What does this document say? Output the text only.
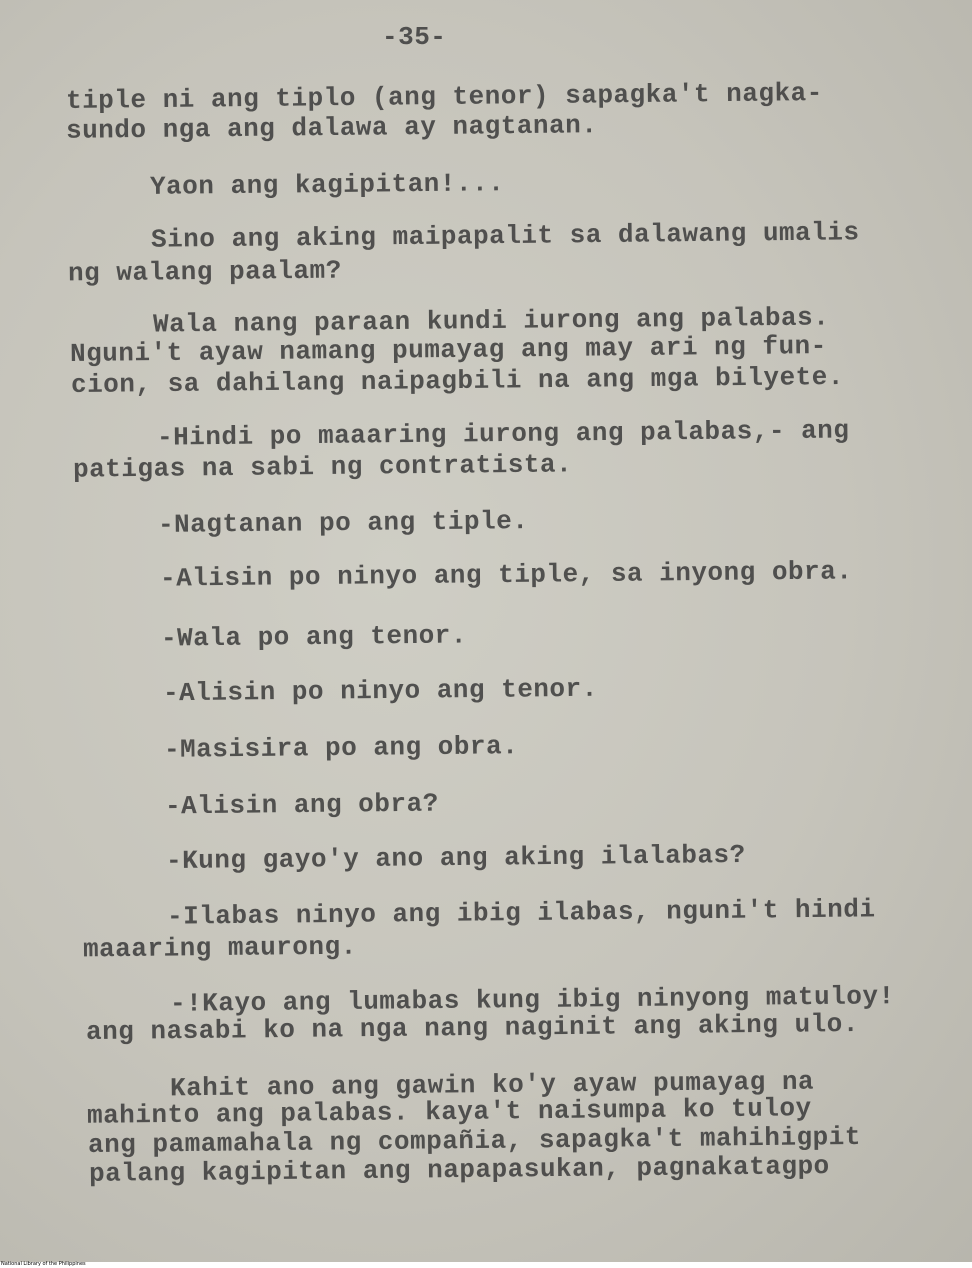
-35-
tiple ni ang tiplo (ang tenor) sapagka't nagka-
sundo nga ang dalawa ay nagtanan.
Yaon ang kagipitan!...
Sino ang aking maipapalit sa dalawang umalis
ng walang paalam?
Wala nang paraan kundi iurong ang palabas.
Nguni't ayaw namang pumayag ang may ari ng fun-
cion, sa dahilang naipagbili na ang mga bilyete.
-Hindi po maaaring iurong ang palabas,- ang
patigas na sabi ng contratista.
-Nagtanan po ang tiple.
-Alisin po ninyo ang tiple, sa inyong obra.
-Wala po ang tenor.
-Alisin po ninyo ang tenor.
-Masisira po ang obra.
-Alisin ang obra?
-Kung gayo'y ano ang aking ilalabas?
-Ilabas ninyo ang ibig ilabas, nguni't hindi
maaaring maurong.
-!Kayo ang lumabas kung ibig ninyong matuloy!
ang nasabi ko na nga nang naginit ang aking ulo.
Kahit ano ang gawin ko'y ayaw pumayag na
mahinto ang palabas. kaya't naisumpa ko tuloy
ang pamamahala ng compañia, sapagka't mahihigpit
palang kagipitan ang napapasukan, pagnakatagpo
National Library of the Philippines
